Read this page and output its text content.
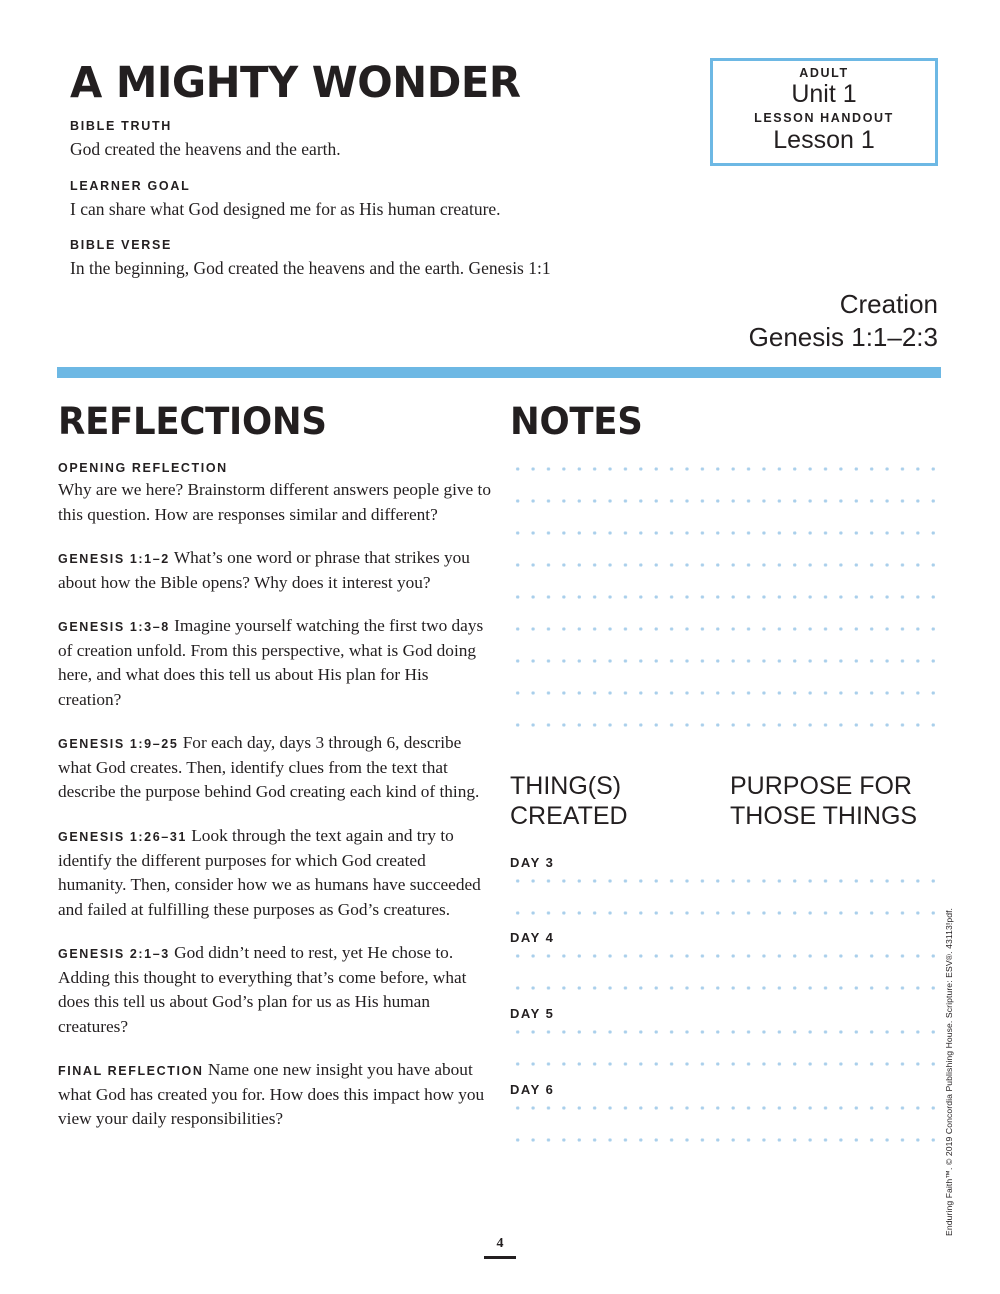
A MIGHTY WONDER
BIBLE TRUTH

God created the heavens and the earth.

LEARNER GOAL

I can share what God designed me for as His human creature.

BIBLE VERSE

In the beginning, God created the heavens and the earth. Genesis 1:1

ADULT
Unit 1
LESSON HANDOUT
Lesson 1
Creation
Genesis 1:1–2:3
REFLECTIONS	NOTES
OPENING REFLECTION

Why are we here? Brainstorm different answers people give to this question. How are responses similar and different?

GENESIS 1:1–2 What’s one word or phrase that strikes you about how the Bible opens? Why does it interest you?

GENESIS 1:3–8 Imagine yourself watching the first two days of creation unfold. From this perspective, what is God doing here, and what does this tell us about His plan for His creation?

GENESIS 1:9–25 For each day, days 3 through 6, describe what God creates. Then, identify clues from the text that describe the purpose behind God creating each kind of thing.

GENESIS 1:26–31 Look through the text again and try to identify the different purposes for which God created humanity. Then, consider how we as humans have succeeded and failed at fulfilling these purposes as God’s creatures.

GENESIS 2:1–3 God didn’t need to rest, yet He chose to. Adding this thought to everything that’s come before, what does this tell us about God’s plan for us as His human creatures?

FINAL REFLECTION Name one new insight you have about what God has created you for. How does this impact how you view your daily responsibilities?

DAY 3
DAY 4
DAY 5
DAY 6
THING(S) CREATED
PURPOSE FOR THOSE THINGS
Enduring Faith™. © 2019 Concordia Publishing House. Scripture: ESV®. 43113!pdf.
4
